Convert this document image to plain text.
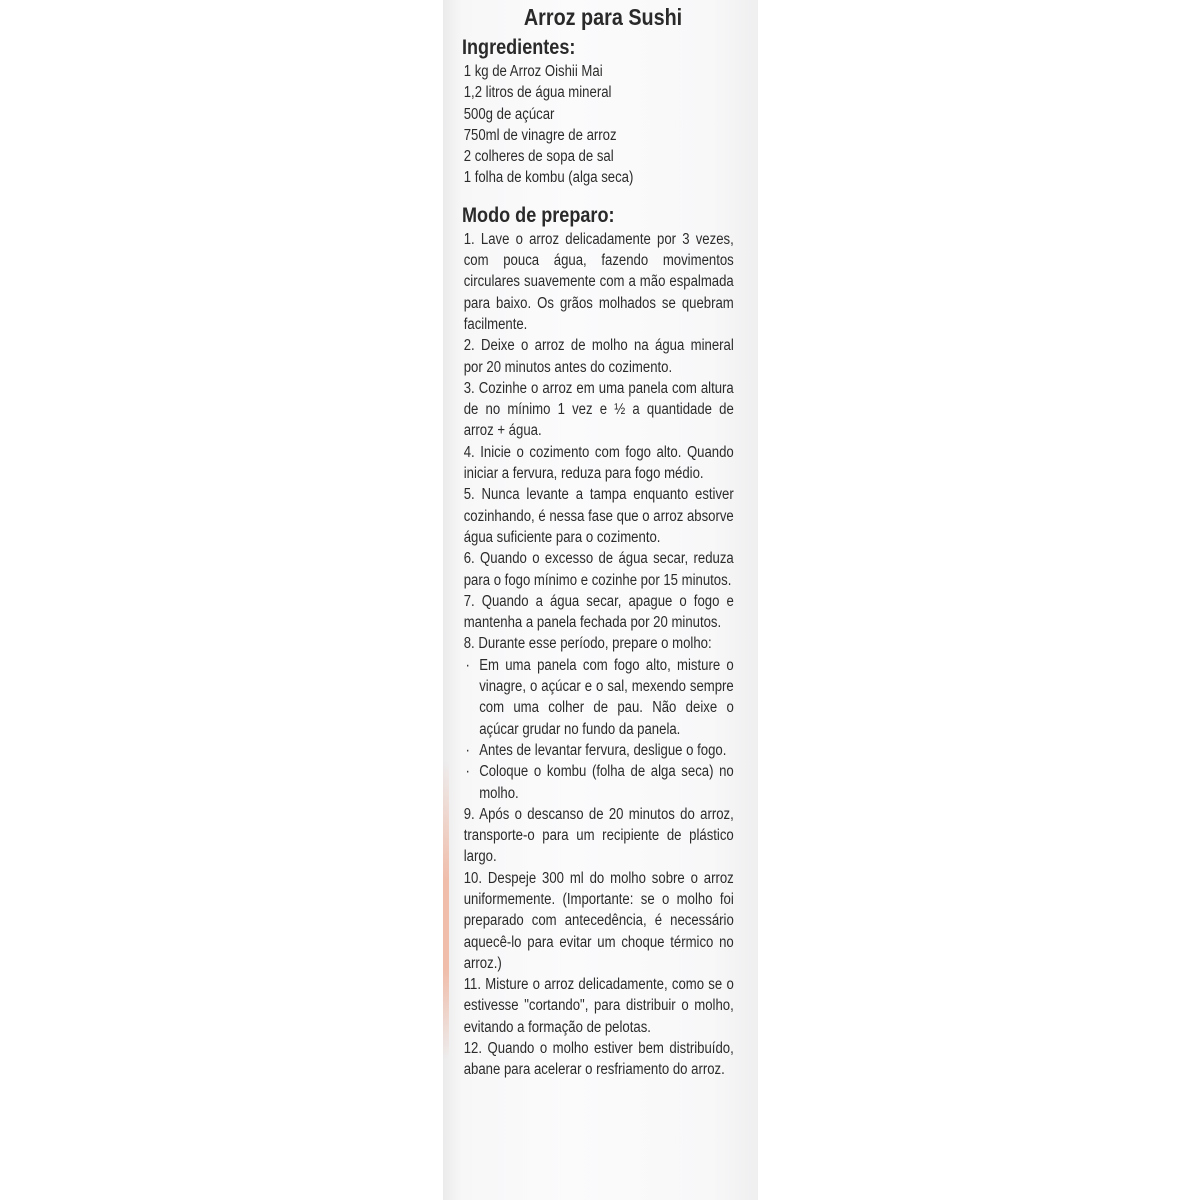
Arroz para Sushi
Ingredientes:
1 kg de Arroz Oishii Mai
1,2 litros de água mineral
500g de açúcar
750ml de vinagre de arroz
2 colheres de sopa de sal
1 folha de kombu (alga seca)
Modo de preparo:
1. Lave o arroz delicadamente por 3 vezes, com pouca água, fazendo movimentos circulares suavemente com a mão espalmada para baixo. Os grãos molhados se quebram facilmente.
2. Deixe o arroz de molho na água mineral por 20 minutos antes do cozimento.
3. Cozinhe o arroz em uma panela com altura de no mínimo 1 vez e ½ a quantidade de arroz + água.
4. Inicie o cozimento com fogo alto. Quando iniciar a fervura, reduza para fogo médio.
5. Nunca levante a tampa enquanto estiver cozinhando, é nessa fase que o arroz absorve água suficiente para o cozimento.
6. Quando o excesso de água secar, reduza para o fogo mínimo e cozinhe por 15 minutos.
7. Quando a água secar, apague o fogo e mantenha a panela fechada por 20 minutos.
8. Durante esse período, prepare o molho:
· Em uma panela com fogo alto, misture o vinagre, o açúcar e o sal, mexendo sempre com uma colher de pau. Não deixe o açúcar grudar no fundo da panela.
· Antes de levantar fervura, desligue o fogo.
· Coloque o kombu (folha de alga seca) no molho.
9. Após o descanso de 20 minutos do arroz, transporte-o para um recipiente de plástico largo.
10. Despeje 300 ml do molho sobre o arroz uniformemente. (Importante: se o molho foi preparado com antecedência, é necessário aquecê-lo para evitar um choque térmico no arroz.)
11. Misture o arroz delicadamente, como se o estivesse "cortando", para distribuir o molho, evitando a formação de pelotas.
12. Quando o molho estiver bem distribuído, abane para acelerar o resfriamento do arroz.
